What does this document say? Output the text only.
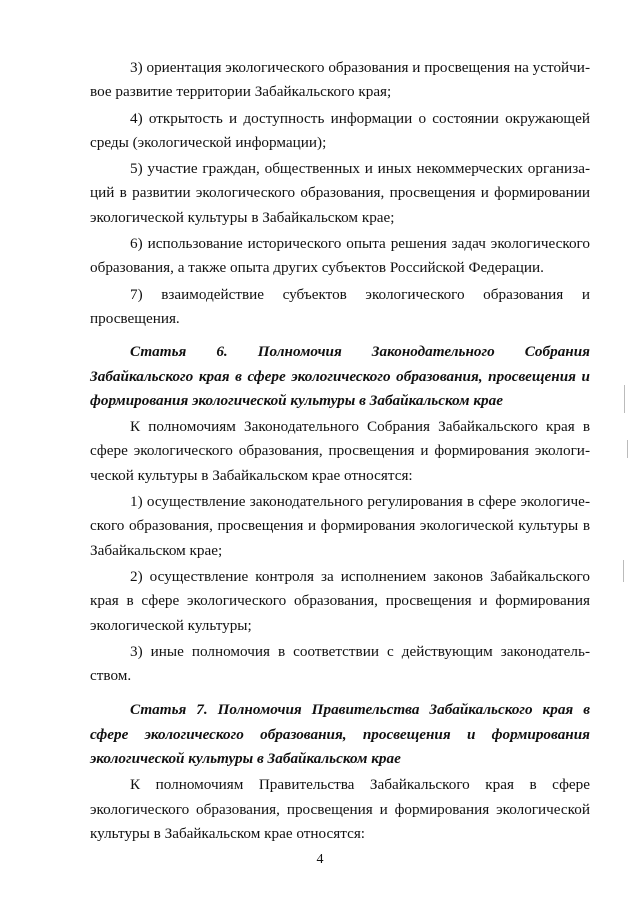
3) ориентация экологического образования и просвещения на устойчивое развитие территории Забайкальского края;

4) открытость и доступность информации о состоянии окружающей среды (экологической информации);

5) участие граждан, общественных и иных некоммерческих организаций в развитии экологического образования, просвещения и формировании экологической культуры в Забайкальском крае;

6) использование исторического опыта решения задач экологического образования, а также опыта других субъектов Российской Федерации.

7) взаимодействие субъектов экологического образования и просвещения.

Статья 6. Полномочия Законодательного Собрания Забайкальского края в сфере экологического образования, просвещения и формирования экологической культуры в Забайкальском крае

К полномочиям Законодательного Собрания Забайкальского края в сфере экологического образования, просвещения и формирования экологической культуры в Забайкальском крае относятся:

1) осуществление законодательного регулирования в сфере экологического образования, просвещения и формирования экологической культуры в Забайкальском крае;

2) осуществление контроля за исполнением законов Забайкальского края в сфере экологического образования, просвещения и формирования экологической культуры;

3) иные полномочия в соответствии с действующим законодательством.

Статья 7. Полномочия Правительства Забайкальского края в сфере экологического образования, просвещения и формирования экологической культуры в Забайкальском крае

К полномочиям Правительства Забайкальского края в сфере экологического образования, просвещения и формирования экологической культуры в Забайкальском крае относятся:

4
